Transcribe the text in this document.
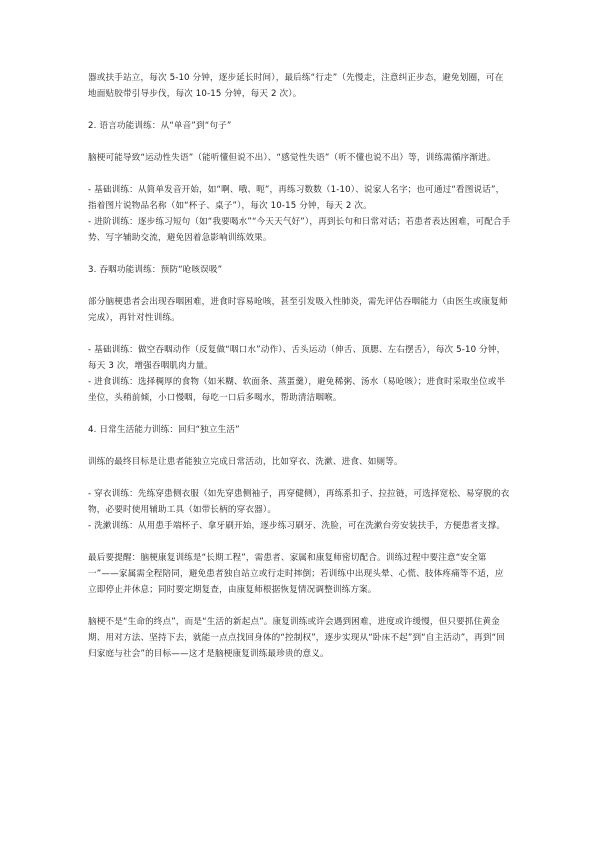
器或扶手站立，每次 5-10 分钟，逐步延长时间），最后练“行走”（先慢走，注意纠正步态，避免划圈，可在地面贴胶带引导步伐，每次 10-15 分钟，每天 2 次）。
2. 语言功能训练：从“单音”到“句子”
脑梗可能导致“运动性失语”（能听懂但说不出）、“感觉性失语”（听不懂也说不出）等，训练需循序渐进。
- 基础训练：从简单发音开始，如“啊、哦、呃”，再练习数数（1-10）、说家人名字；也可通过“看图说话”，指着图片说物品名称（如“杯子、桌子”），每次 10-15 分钟，每天 2 次。
- 进阶训练：逐步练习短句（如“我要喝水”“今天天气好”），再到长句和日常对话；若患者表达困难，可配合手势、写字辅助交流，避免因着急影响训练效果。
3. 吞咽功能训练：预防“呛咳误吸”
部分脑梗患者会出现吞咽困难，进食时容易呛咳，甚至引发吸入性肺炎，需先评估吞咽能力（由医生或康复师完成），再针对性训练。
- 基础训练：做空吞咽动作（反复做“咽口水”动作）、舌头运动（伸舌、顶腮、左右摆舌），每次 5-10 分钟，每天 3 次，增强吞咽肌肉力量。
- 进食训练：选择稠厚的食物（如米糊、软面条、蒸蛋羹），避免稀粥、汤水（易呛咳）；进食时采取坐位或半坐位，头稍前倾，小口慢咽，每吃一口后多喝水，帮助清洁咽喉。
4. 日常生活能力训练：回归“独立生活”
训练的最终目标是让患者能独立完成日常活动，比如穿衣、洗漱、进食、如厕等。
- 穿衣训练：先练穿患侧衣服（如先穿患侧袖子，再穿健侧），再练系扣子、拉拉链，可选择宽松、易穿脱的衣物，必要时使用辅助工具（如带长柄的穿衣器）。
- 洗漱训练：从用患手端杯子、拿牙刷开始，逐步练习刷牙、洗脸，可在洗漱台旁安装扶手，方便患者支撑。
最后要提醒：脑梗康复训练是“长期工程”，需患者、家属和康复师密切配合。训练过程中要注意“安全第一”——家属需全程陪同，避免患者独自站立或行走时摔倒；若训练中出现头晕、心慌、肢体疼痛等不适，应立即停止并休息；同时要定期复查，由康复师根据恢复情况调整训练方案。
脑梗不是“生命的终点”，而是“生活的新起点”。康复训练或许会遇到困难，进度或许缓慢，但只要抓住黄金期、用对方法、坚持下去，就能一点点找回身体的“控制权”，逐步实现从“卧床不起”到“自主活动”，再到“回归家庭与社会”的目标——这才是脑梗康复训练最珍贵的意义。
